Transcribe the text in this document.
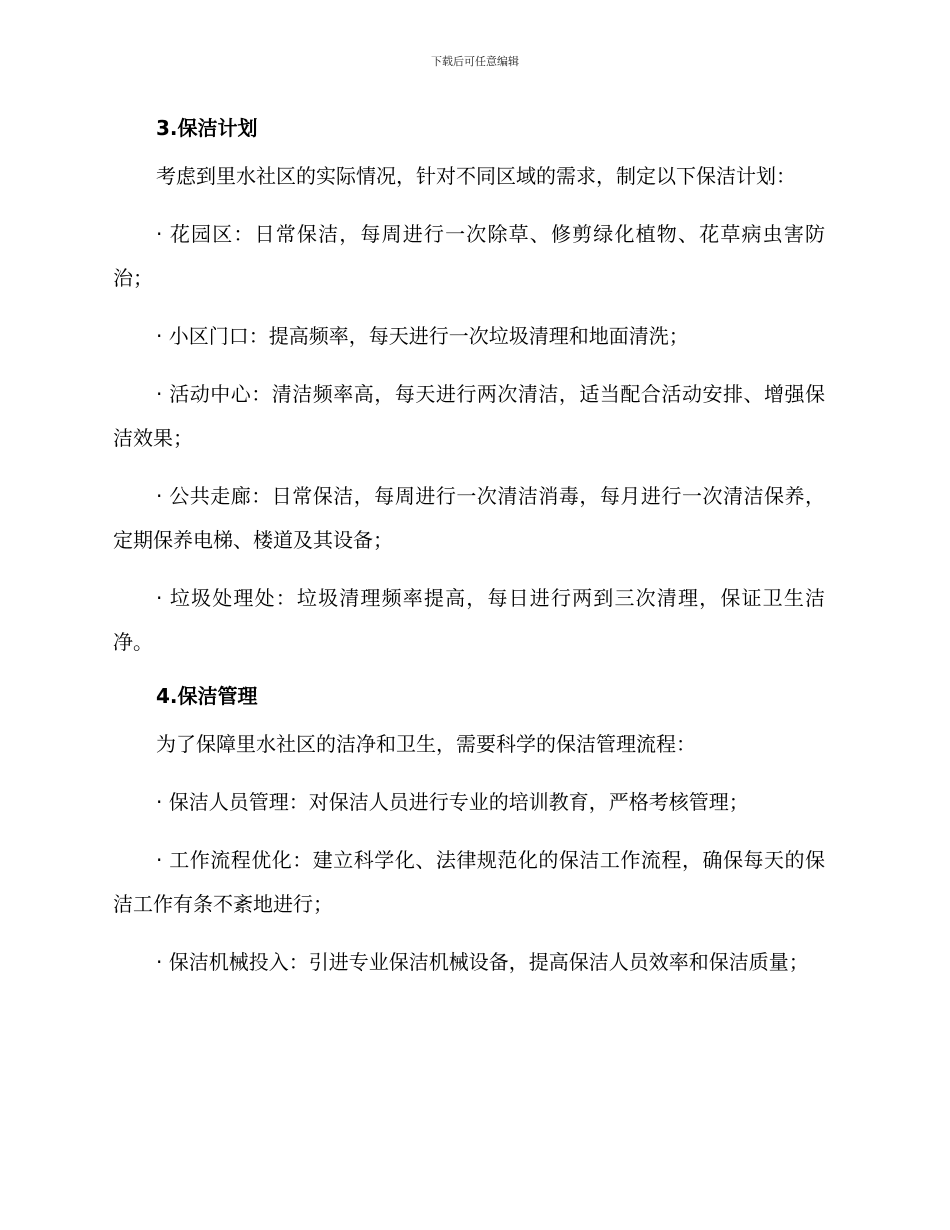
下载后可任意编辑
3.保洁计划

考虑到里水社区的实际情况，针对不同区域的需求，制定以下保洁计划：

· 花园区：日常保洁，每周进行一次除草、修剪绿化植物、花草病虫害防治；

· 小区门口：提高频率，每天进行一次垃圾清理和地面清洗；

· 活动中心：清洁频率高，每天进行两次清洁，适当配合活动安排、增强保洁效果；

· 公共走廊：日常保洁，每周进行一次清洁消毒，每月进行一次清洁保养，定期保养电梯、楼道及其设备；

· 垃圾处理处：垃圾清理频率提高，每日进行两到三次清理，保证卫生洁净。

4.保洁管理

为了保障里水社区的洁净和卫生，需要科学的保洁管理流程：

· 保洁人员管理：对保洁人员进行专业的培训教育，严格考核管理；

· 工作流程优化：建立科学化、法律规范化的保洁工作流程，确保每天的保洁工作有条不紊地进行；

· 保洁机械投入：引进专业保洁机械设备，提高保洁人员效率和保洁质量；
